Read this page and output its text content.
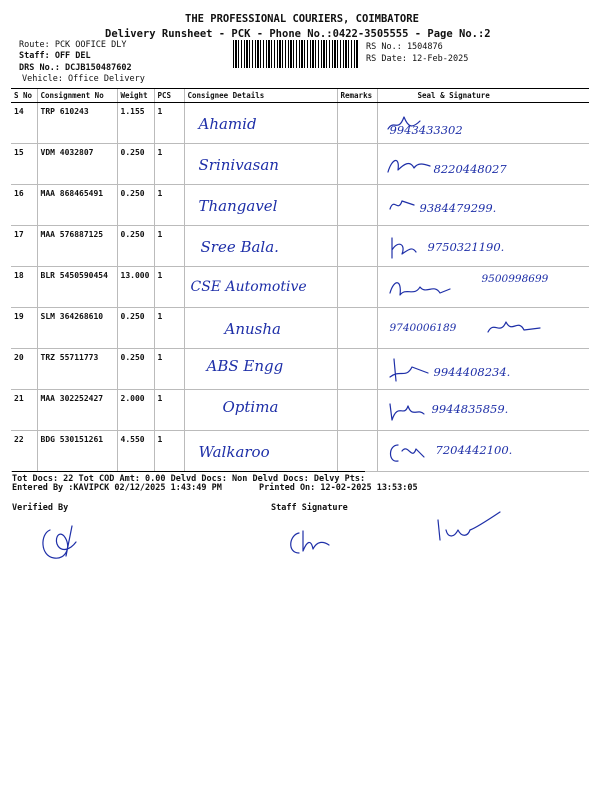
THE PROFESSIONAL COURIERS, COIMBATORE
Delivery Runsheet - PCK - Phone No.:0422-3505555 - Page No.:2
Route: PCK OOFICE DLY
Staff: OFF DEL
DRS No.: DCJB150487602
Vehicle: Office Delivery
RS No.: 1504876
RS Date: 12-Feb-2025
S No	Consignment No	Weight	PCS	Consignee Details	Remarks	Seal & Signature
14	TRP 610243	1.155	1	Ahamid		9943433302

15	VDM 4032807	0.250	1	Srinivasan		8220448027

16	MAA 868465491	0.250	1	Thangavel		9384479299.

17	MAA 576887125	0.250	1	Sree Bala.		9750321190.

18	BLR 5450590454	13.000	1	CSE Automotive		9500998699

19	SLM 364268610	0.250	1	Anusha		9740006189

20	TRZ 55711773	0.250	1	ABS Engg		9944408234.

21	MAA 302252427	2.000	1	Optima		9944835859.

22	BDG 530151261	4.550	1	Walkaroo		7204442100.
Tot Docs: 22 Tot COD Amt: 0.00 Delvd Docs: Non Delvd Docs: Delvy Pts:
Entered By :KAVIPCK 02/12/2025 1:43:49 PM	Printed On: 12-02-2025 13:53:05
Verified By	Staff Signature
